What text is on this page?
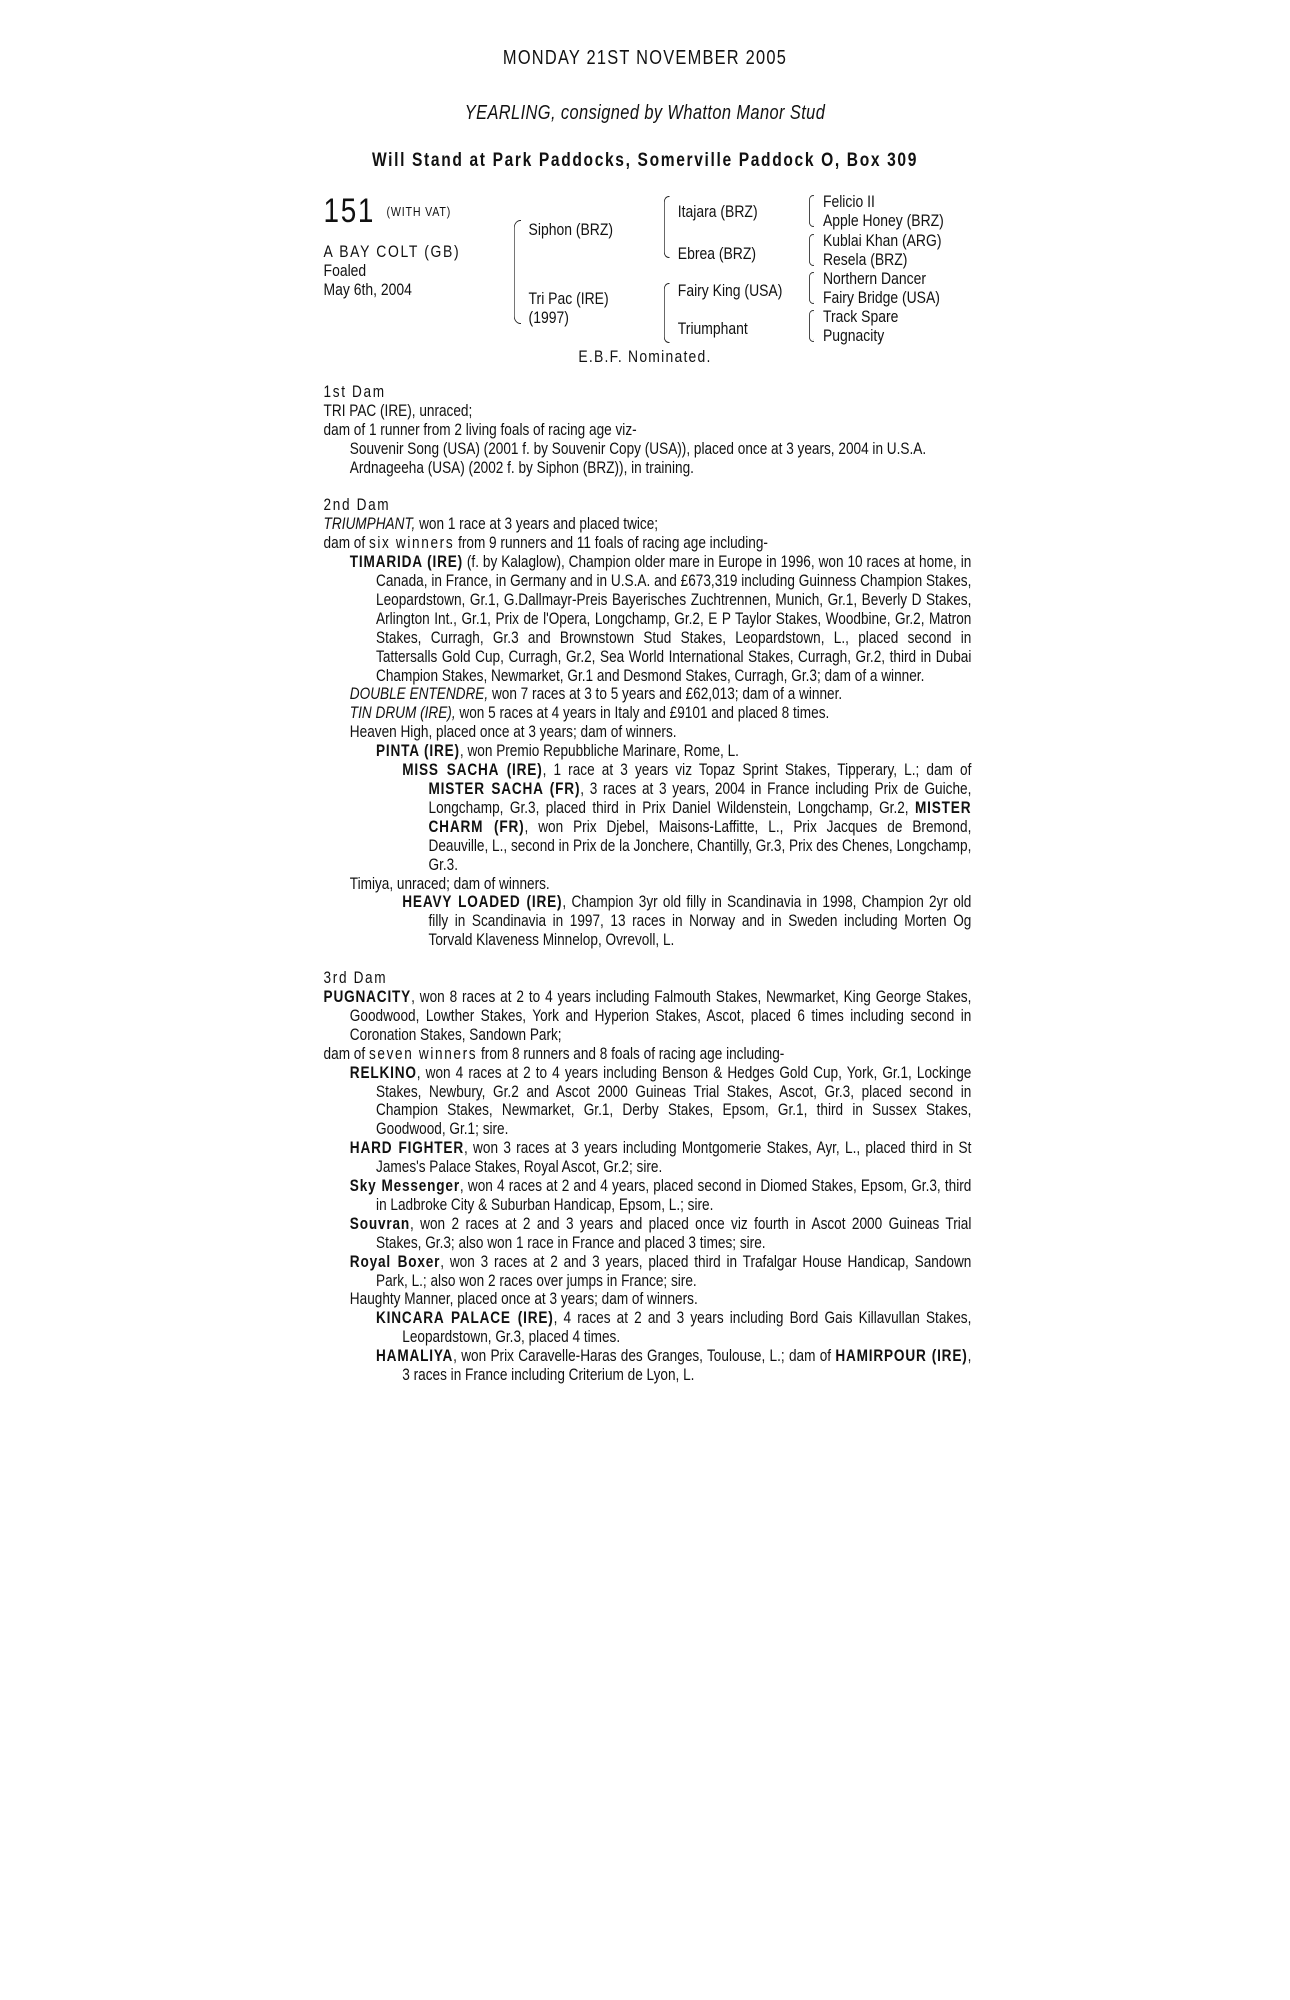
MONDAY 21ST NOVEMBER 2005
YEARLING, consigned by Whatton Manor Stud
Will Stand at Park Paddocks, Somerville Paddock O, Box 309
151 $^{(WITH VAT)}$
A BAY COLT (GB)
Foaled
May 6th, 2004
Siphon (BRZ)
Tri Pac (IRE)
(1997)
Itajara (BRZ)
Ebrea (BRZ)
Fairy King (USA)
Triumphant
Felicio II
Apple Honey (BRZ)
Kublai Khan (ARG)
Resela (BRZ)
Northern Dancer
Fairy Bridge (USA)
Track Spare
Pugnacity
E.B.F. Nominated.

1st Dam

TRI PAC (IRE), unraced;

dam of 1 runner from 2 living foals of racing age viz-

Souvenir Song (USA) (2001 f. by Souvenir Copy (USA)), placed once at 3 years, 2004 in U.S.A.

Ardnageeha (USA) (2002 f. by Siphon (BRZ)), in training.

2nd Dam

TRIUMPHANT, won 1 race at 3 years and placed twice;

dam of six winners from 9 runners and 11 foals of racing age including-

TIMARIDA (IRE) (f. by Kalaglow), Champion older mare in Europe in 1996, won 10 races at home, in Canada, in France, in Germany and in U.S.A. and £673,319 including Guinness Champion Stakes, Leopardstown, Gr.1, G.Dallmayr-Preis Bayerisches Zuchtrennen, Munich, Gr.1, Beverly D Stakes, Arlington Int., Gr.1, Prix de l'Opera, Longchamp, Gr.2, E P Taylor Stakes, Woodbine, Gr.2, Matron Stakes, Curragh, Gr.3 and Brownstown Stud Stakes, Leopardstown, L., placed second in Tattersalls Gold Cup, Curragh, Gr.2, Sea World International Stakes, Curragh, Gr.2, third in Dubai Champion Stakes, Newmarket, Gr.1 and Desmond Stakes, Curragh, Gr.3; dam of a winner.

DOUBLE ENTENDRE, won 7 races at 3 to 5 years and £62,013; dam of a winner.

TIN DRUM (IRE), won 5 races at 4 years in Italy and £9101 and placed 8 times.

Heaven High, placed once at 3 years; dam of winners.

PINTA (IRE), won Premio Repubbliche Marinare, Rome, L.

MISS SACHA (IRE), 1 race at 3 years viz Topaz Sprint Stakes, Tipperary, L.; dam of MISTER SACHA (FR), 3 races at 3 years, 2004 in France including Prix de Guiche, Longchamp, Gr.3, placed third in Prix Daniel Wildenstein, Longchamp, Gr.2, MISTER CHARM (FR), won Prix Djebel, Maisons-Laffitte, L., Prix Jacques de Bremond, Deauville, L., second in Prix de la Jonchere, Chantilly, Gr.3, Prix des Chenes, Longchamp, Gr.3.

Timiya, unraced; dam of winners.

HEAVY LOADED (IRE), Champion 3yr old filly in Scandinavia in 1998, Champion 2yr old filly in Scandinavia in 1997, 13 races in Norway and in Sweden including Morten Og Torvald Klaveness Minnelop, Ovrevoll, L.

3rd Dam

PUGNACITY, won 8 races at 2 to 4 years including Falmouth Stakes, Newmarket, King George Stakes, Goodwood, Lowther Stakes, York and Hyperion Stakes, Ascot, placed 6 times including second in Coronation Stakes, Sandown Park;

dam of seven winners from 8 runners and 8 foals of racing age including-

RELKINO, won 4 races at 2 to 4 years including Benson & Hedges Gold Cup, York, Gr.1, Lockinge Stakes, Newbury, Gr.2 and Ascot 2000 Guineas Trial Stakes, Ascot, Gr.3, placed second in Champion Stakes, Newmarket, Gr.1, Derby Stakes, Epsom, Gr.1, third in Sussex Stakes, Goodwood, Gr.1; sire.

HARD FIGHTER, won 3 races at 3 years including Montgomerie Stakes, Ayr, L., placed third in St James's Palace Stakes, Royal Ascot, Gr.2; sire.

Sky Messenger, won 4 races at 2 and 4 years, placed second in Diomed Stakes, Epsom, Gr.3, third in Ladbroke City & Suburban Handicap, Epsom, L.; sire.

Souvran, won 2 races at 2 and 3 years and placed once viz fourth in Ascot 2000 Guineas Trial Stakes, Gr.3; also won 1 race in France and placed 3 times; sire.

Royal Boxer, won 3 races at 2 and 3 years, placed third in Trafalgar House Handicap, Sandown Park, L.; also won 2 races over jumps in France; sire.

Haughty Manner, placed once at 3 years; dam of winners.

KINCARA PALACE (IRE), 4 races at 2 and 3 years including Bord Gais Killavullan Stakes, Leopardstown, Gr.3, placed 4 times.

HAMALIYA, won Prix Caravelle-Haras des Granges, Toulouse, L.; dam of HAMIRPOUR (IRE), 3 races in France including Criterium de Lyon, L.
